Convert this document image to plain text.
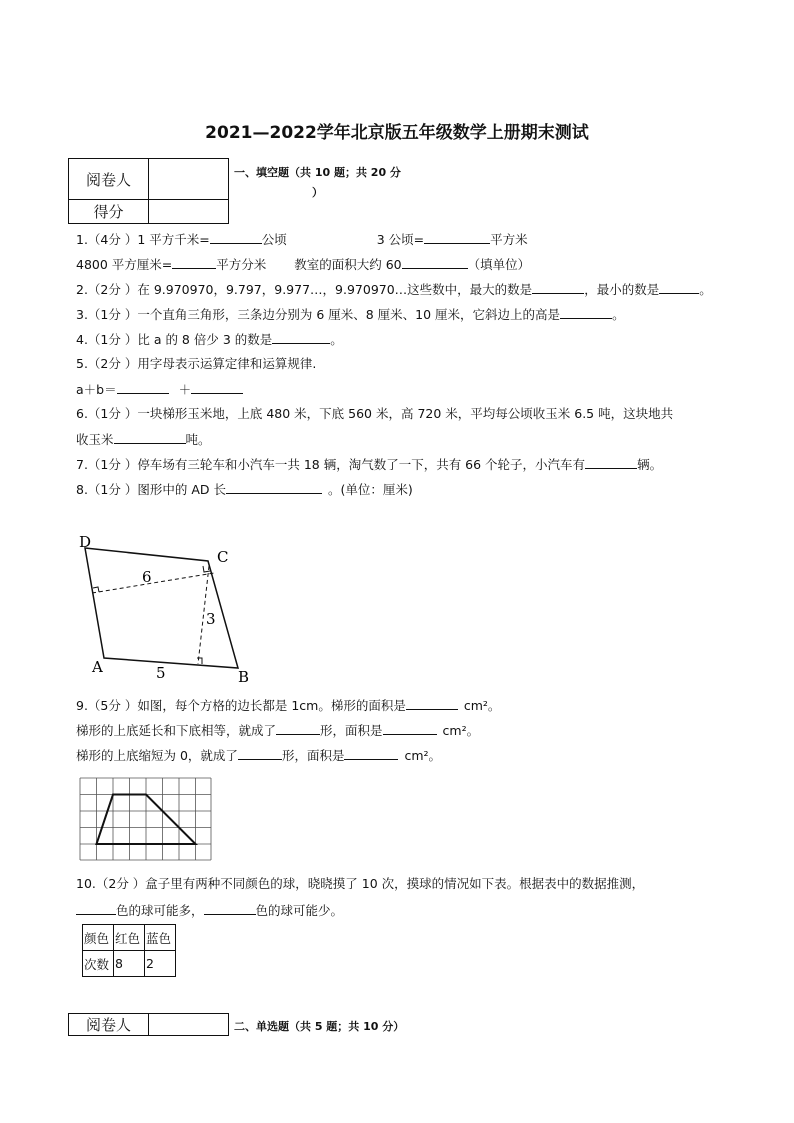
2021—2022学年北京版五年级数学上册期末测试
阅卷人	
得分	
一、填空题（共 10 题；共 20 分
）
1.（4分 ）1 平方千米=	公顷	3 公顷=	平方米
4800 平方厘米=	平方分米 教室的面积大约 60	（填单位）
2.（2分 ）在 9.970970，9.797，9.977…，9.970970…这些数中，最大的数是	，最小的数是	。
3.（1分 ）一个直角三角形，三条边分别为 6 厘米、8 厘米、10 厘米，它斜边上的高是	。
4.（1分 ）比 a 的 8 倍少 3 的数是	。
5.（2分 ）用字母表示运算定律和运算规律.
a＋b＝	＋
6.（1分 ）一块梯形玉米地，上底 480 米，下底 560 米，高 720 米，平均每公顷收玉米 6.5 吨，这块地共
收玉米	吨。
7.（1分 ）停车场有三轮车和小汽车一共 18 辆，淘气数了一下，共有 66 个轮子，小汽车有	辆。
8.（1分 ）图形中的 AD 长	。(单位：厘米)
D
C
A
B
6
3
5
9.（5分 ）如图，每个方格的边长都是 1cm。梯形的面积是	cm²。
梯形的上底延长和下底相等，就成了	形，面积是	cm²。
梯形的上底缩短为 0，就成了	形，面积是	cm²。
10.（2分 ）盒子里有两种不同颜色的球，晓晓摸了 10 次，摸球的情况如下表。根据表中的数据推测，
色的球可能多，	色的球可能少。
颜色	红色	蓝色
次数	8	2
阅卷人		二、单选题（共 5 题；共 10 分）
